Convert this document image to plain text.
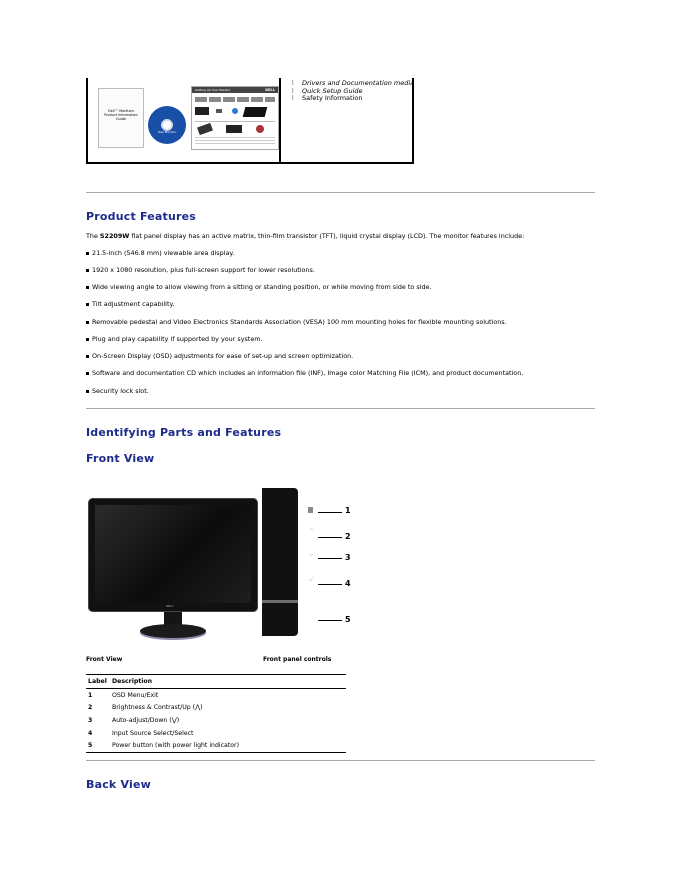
Dell™ Monitors
Product Information Guide
Dell Monitor
Setting Up Your Monitor	DELL
l Drivers and Documentation media
l Quick Setup Guide
l Safety Information
Product Features

The S2209W flat panel display has an active matrix, thin-film transistor (TFT), liquid crystal display (LCD). The monitor features include:

21.5-inch (546.8 mm) viewable area display.

1920 x 1080 resolution, plus full-screen support for lower resolutions.

Wide viewing angle to allow viewing from a sitting or standing position, or while moving from side to side.

Tilt adjustment capability.

Removable pedestal and Video Electronics Standards Association (VESA) 100 mm mounting holes for flexible mounting solutions.

Plug and play capability if supported by your system.

On-Screen Display (OSD) adjustments for ease of set-up and screen optimization.

Software and documentation CD which includes an information file (INF), Image color Matching File (ICM), and product documentation.

Security lock slot.

Identifying Parts and Features
Front View
DELL
⌃
⌄
✓
⏻
1
2
3
4
5
Front View	Front panel controls
Label	Description
1	OSD Menu/Exit
2	Brightness & Contrast/Up (⋀)
3	Auto-adjust/Down (⋁)
4	Input Source Select/Select
5	Power button (with power light indicator)
Back View
